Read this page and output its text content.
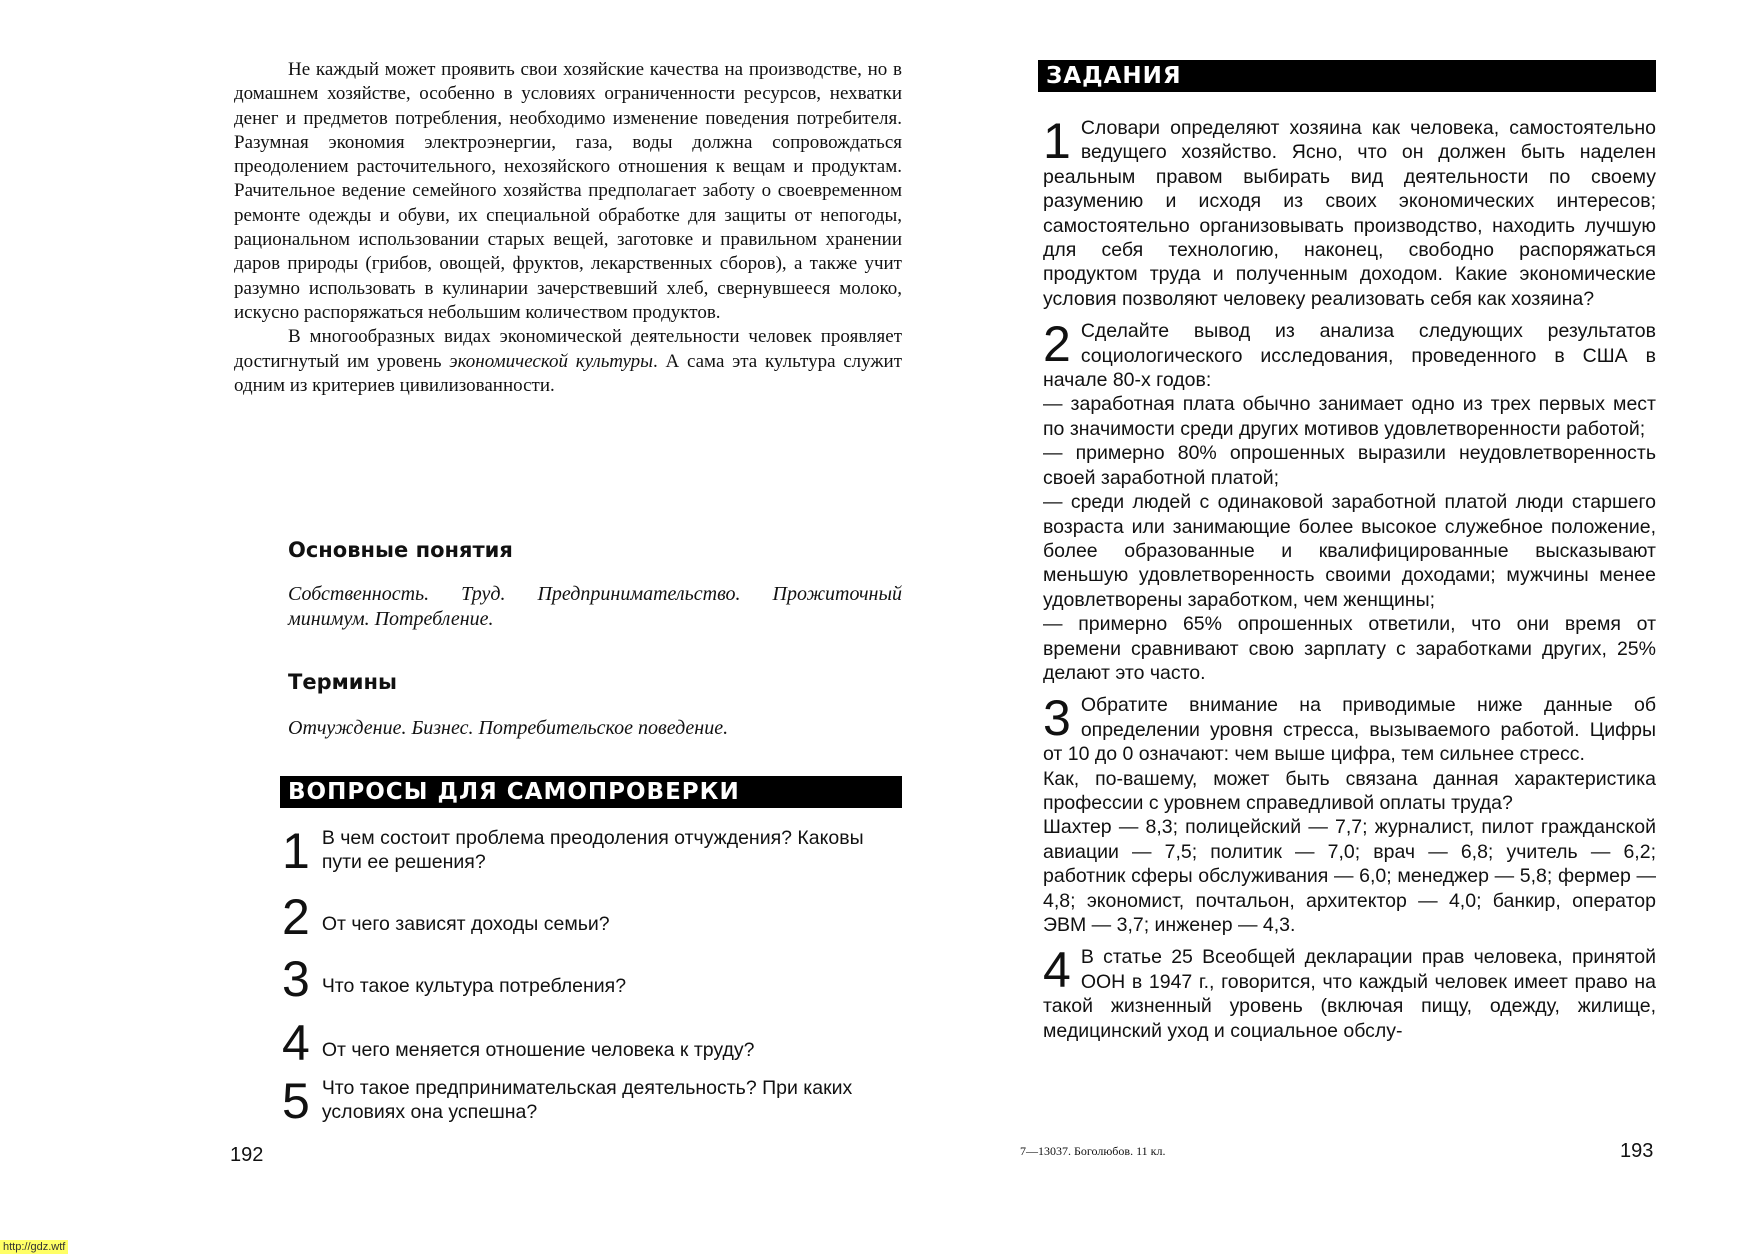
Не каждый может проявить свои хозяйские качества на производстве, но в домашнем хозяйстве, особенно в условиях ограниченности ресурсов, нехватки денег и предметов потребления, необходимо изменение поведения потребителя. Разумная экономия электроэнергии, газа, воды должна сопровождаться преодолением расточительного, нехозяйского отношения к вещам и продуктам. Рачительное ведение семейного хозяйства предполагает заботу о своевременном ремонте одежды и обуви, их специальной обработке для защиты от непогоды, рациональном использовании старых вещей, заготовке и правильном хранении даров природы (грибов, овощей, фруктов, лекарственных сборов), а также учит разумно использовать в кулинарии зачерствевший хлеб, свернувшееся молоко, искусно распоряжаться небольшим количеством продуктов.

В многообразных видах экономической деятельности человек проявляет достигнутый им уровень экономической культуры. А сама эта культура служит одним из критериев цивилизованности.

Основные понятия

Собственность. Труд. Предпринимательство. Прожиточный минимум. Потребление.

Термины

Отчуждение. Бизнес. Потребительское поведение.

ВОПРОСЫ ДЛЯ САМОПРОВЕРКИ
1 В чем состоит проблема преодоления отчуждения? Каковы пути ее решения?
2 От чего зависят доходы семьи?
3 Что такое культура потребления?
4 От чего меняется отношение человека к труду?
5 Что такое предпринимательская деятельность? При каких условиях она успешна?
192
ЗАДАНИЯ
1 Словари определяют хозяина как человека, самостоятельно ведущего хозяйство. Ясно, что он должен быть наделен реальным правом выбирать вид деятельности по своему разумению и исходя из своих экономических интересов; самостоятельно организовывать производство, находить лучшую для себя технологию, наконец, свободно распоряжаться продуктом труда и полученным доходом. Какие экономические условия позволяют человеку реализовать себя как хозяина?

2 Сделайте вывод из анализа следующих результатов социологического исследования, проведенного в США в начале 80-х годов:

— заработная плата обычно занимает одно из трех первых мест по значимости среди других мотивов удовлетворенности работой;
— примерно 80% опрошенных выразили неудовлетворенность своей заработной платой;
— среди людей с одинаковой заработной платой люди старшего возраста или занимающие более высокое служебное положение, более образованные и квалифицированные высказывают меньшую удовлетворенность своими доходами; мужчины менее удовлетворены заработком, чем женщины;
— примерно 65% опрошенных ответили, что они время от времени сравнивают свою зарплату с заработками других, 25% делают это часто.
3 Обратите внимание на приводимые ниже данные об определении уровня стресса, вызываемого работой. Цифры от 10 до 0 означают: чем выше цифра, тем сильнее стресс.

Как, по-вашему, может быть связана данная характеристика профессии с уровнем справедливой оплаты труда?

Шахтер — 8,3; полицейский — 7,7; журналист, пилот гражданской авиации — 7,5; политик — 7,0; врач — 6,8; учитель — 6,2; работник сферы обслуживания — 6,0; менеджер — 5,8; фермер — 4,8; экономист, почтальон, архитектор — 4,0; банкир, оператор ЭВМ — 3,7; инженер — 4,3.

4 В статье 25 Всеобщей декларации прав человека, принятой ООН в 1947 г., говорится, что каждый человек имеет право на такой жизненный уровень (включая пищу, одежду, жилище, медицинский уход и социальное обслу-

7—13037. Боголюбов. 11 кл.	193
http://gdz.wtf
